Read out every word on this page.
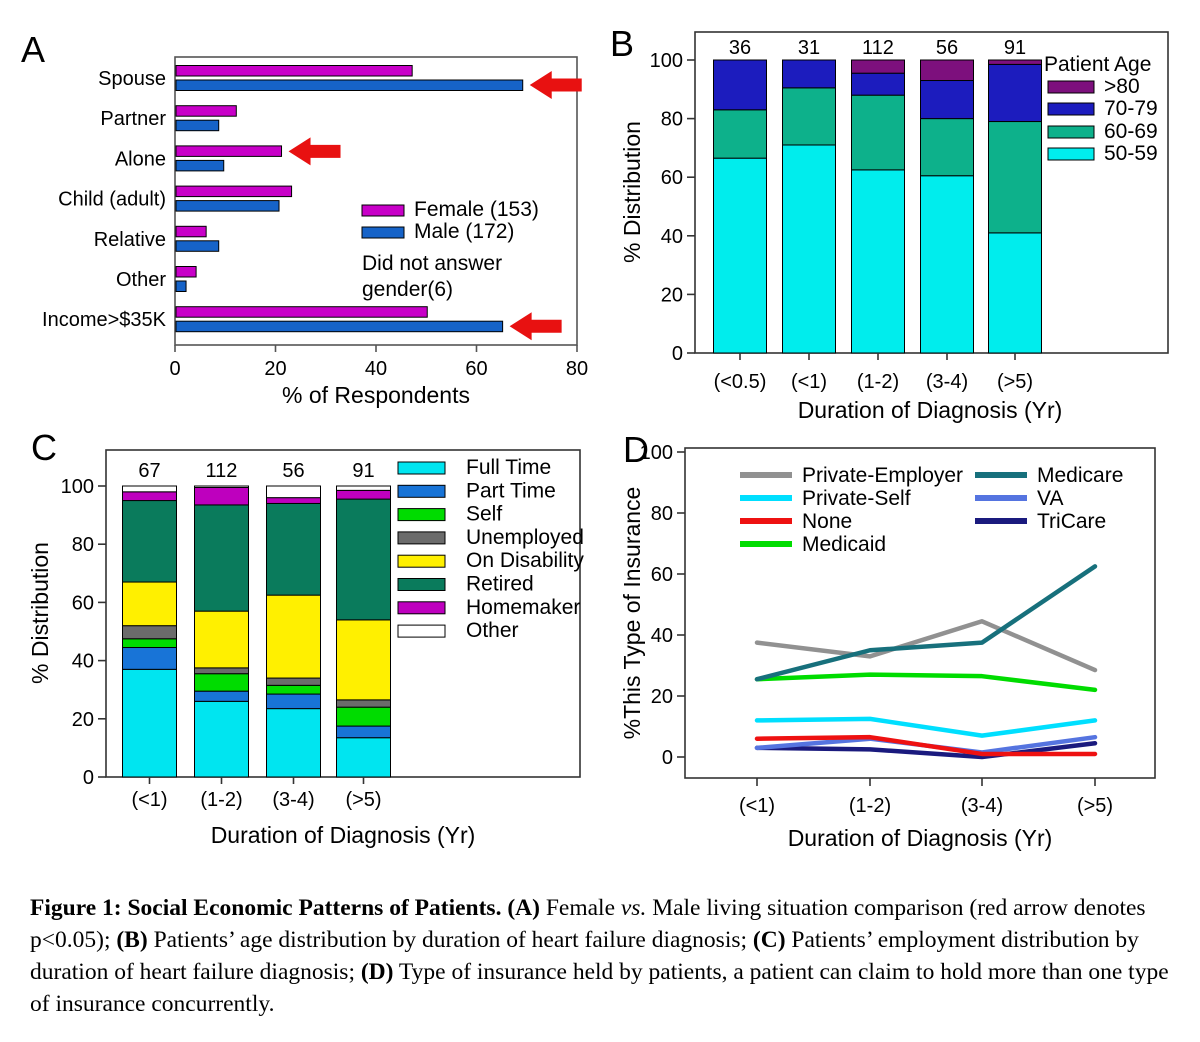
A
0	20	40	60	80
% of Respondents
Spouse
Partner
Alone
Child (adult)
Relative
Other
Income>$35K
Female (153)
Male (172)
Did not answer
gender(6)
B
0
20
40
60
80
100
% Distribution
36
(<0.5)
31
(<1)
112
(1-2)
56
(3-4)
91
(>5)
Duration of Diagnosis (Yr)
Patient Age
>80
70-79
60-69
50-59
C
0
20
40
60
80
100
% Distribution
67
(<1)
112
(1-2)
56
(3-4)
91
(>5)
Duration of Diagnosis (Yr)
Full Time
Part Time
Self
Unemployed
On Disability
Retired
Homemaker
Other
D
0
20
40
60
80
100
%This Type of Insurance
(<1)	(1-2)	(3-4)	(>5)
Duration of Diagnosis (Yr)
Private-Employer
Private-Self
None
Medicaid
Medicare
VA
TriCare

Figure 1: Social Economic Patterns of Patients. (A) Female vs. Male living situation comparison (red arrow denotes p<0.05); (B) Patients’ age distribution by duration of heart failure diagnosis; (C) Patients’ employment distribution by duration of heart failure diagnosis; (D) Type of insurance held by patients, a patient can claim to hold more than one type of insurance concurrently.
